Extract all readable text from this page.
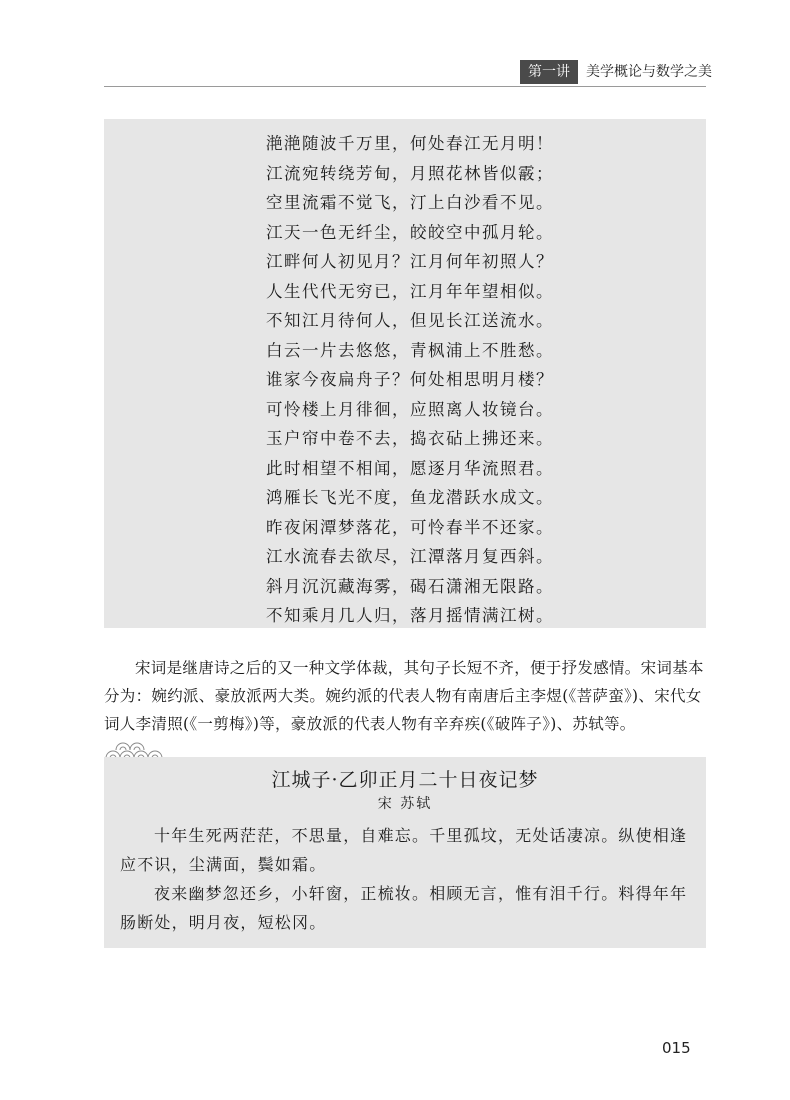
第一讲	美学概论与数学之美
滟滟随波千万里，何处春江无月明！
江流宛转绕芳甸，月照花林皆似霰；
空里流霜不觉飞，汀上白沙看不见。
江天一色无纤尘，皎皎空中孤月轮。
江畔何人初见月？江月何年初照人？
人生代代无穷已，江月年年望相似。
不知江月待何人，但见长江送流水。
白云一片去悠悠，青枫浦上不胜愁。
谁家今夜扁舟子？何处相思明月楼？
可怜楼上月徘徊，应照离人妆镜台。
玉户帘中卷不去，捣衣砧上拂还来。
此时相望不相闻，愿逐月华流照君。
鸿雁长飞光不度，鱼龙潜跃水成文。
昨夜闲潭梦落花，可怜春半不还家。
江水流春去欲尽，江潭落月复西斜。
斜月沉沉藏海雾，碣石潇湘无限路。
不知乘月几人归，落月摇情满江树。

宋词是继唐诗之后的又一种文学体裁，其句子长短不齐，便于抒发感情。宋词基本分为：婉约派、豪放派两大类。婉约派的代表人物有南唐后主李煜(《菩萨蛮》)、宋代女词人李清照(《一剪梅》)等，豪放派的代表人物有辛弃疾(《破阵子》)、苏轼等。

江城子·乙卯正月二十日夜记梦
宋 苏轼

十年生死两茫茫，不思量，自难忘。千里孤坟，无处话凄凉。纵使相逢应不识，尘满面，鬓如霜。

夜来幽梦忽还乡，小轩窗，正梳妆。相顾无言，惟有泪千行。料得年年肠断处，明月夜，短松冈。

015
